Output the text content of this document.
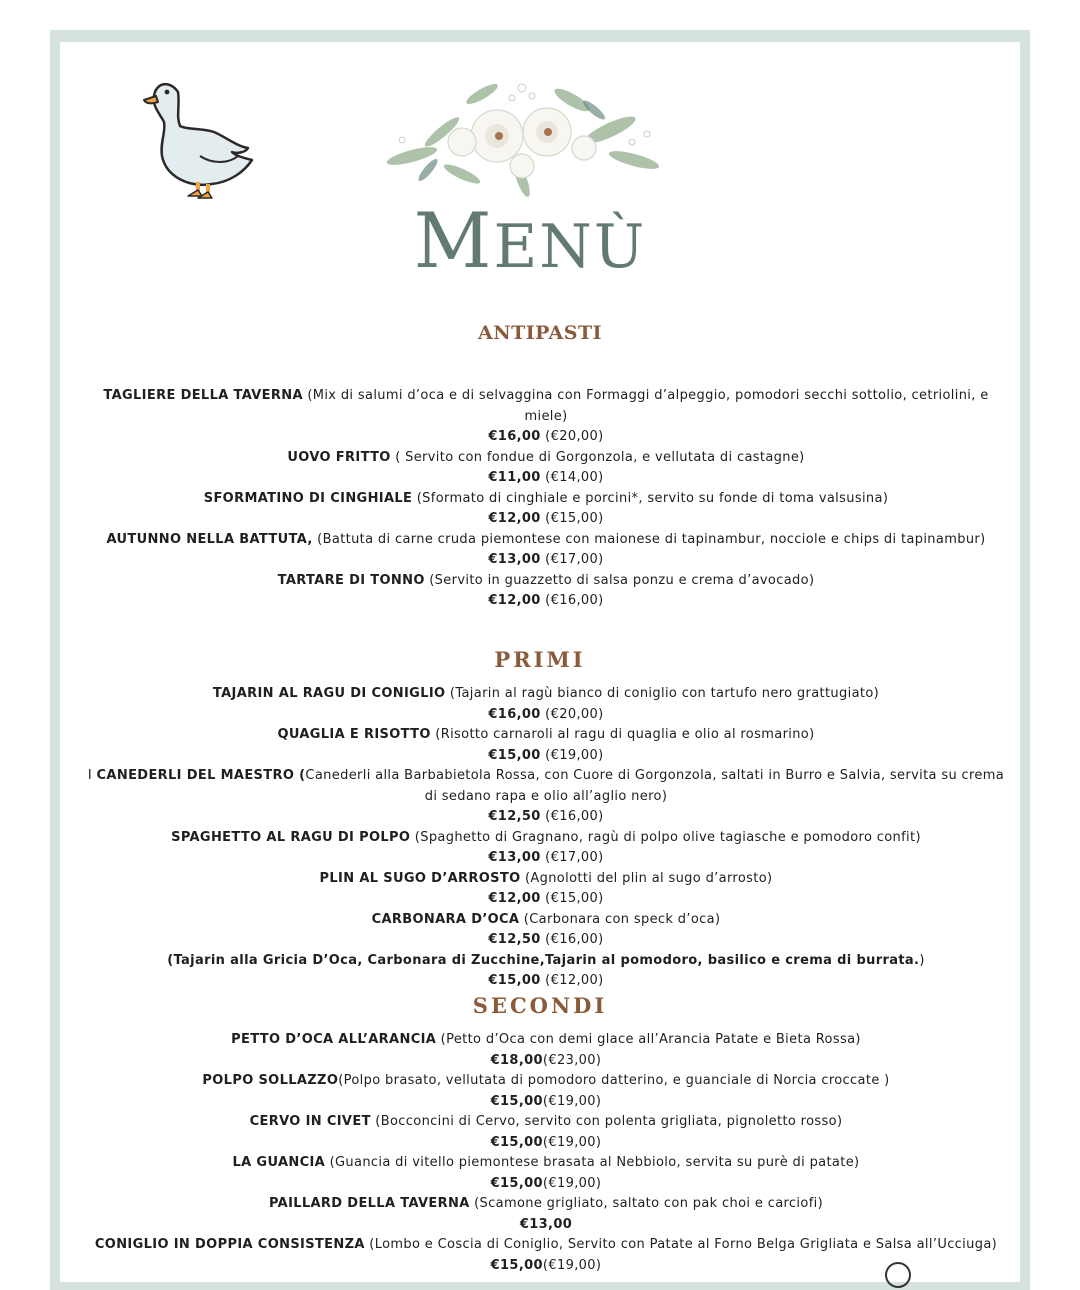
MENÙ
ANTIPASTI
TAGLIERE DELLA TAVERNA (Mix di salumi d’oca e di selvaggina con Formaggi d’alpeggio, pomodori secchi sottolio, cetriolini, e miele)
€16,00 (€20,00)
UOVO FRITTO ( Servito con fondue di Gorgonzola, e vellutata di castagne)
€11,00 (€14,00)
SFORMATINO DI CINGHIALE (Sformato di cinghiale e porcini*, servito su fonde di toma valsusina)
€12,00 (€15,00)
AUTUNNO NELLA BATTUTA, (Battuta di carne cruda piemontese con maionese di tapinambur, nocciole e chips di tapinambur)
€13,00 (€17,00)
TARTARE DI TONNO (Servito in guazzetto di salsa ponzu e crema d’avocado)
€12,00 (€16,00)
PRIMI
TAJARIN AL RAGU DI CONIGLIO (Tajarin al ragù bianco di coniglio con tartufo nero grattugiato)
€16,00 (€20,00)
QUAGLIA E RISOTTO (Risotto carnaroli al ragu di quaglia e olio al rosmarino)
€15,00 (€19,00)
I CANEDERLI DEL MAESTRO (Canederli alla Barbabietola Rossa, con Cuore di Gorgonzola, saltati in Burro e Salvia, servita su crema di sedano rapa e olio all’aglio nero)
€12,50 (€16,00)
SPAGHETTO AL RAGU DI POLPO (Spaghetto di Gragnano, ragù di polpo olive tagiasche e pomodoro confit)
€13,00 (€17,00)
PLIN AL SUGO D’ARROSTO (Agnolotti del plin al sugo d’arrosto)
€12,00 (€15,00)
CARBONARA D’OCA (Carbonara con speck d’oca)
€12,50 (€16,00)
(Tajarin alla Gricia D’Oca, Carbonara di Zucchine,Tajarin al pomodoro, basilico e crema di burrata.)
€15,00 (€12,00)
SECONDI
PETTO D’OCA ALL’ARANCIA (Petto d’Oca con demi glace all’Arancia Patate e Bieta Rossa)
€18,00(€23,00)
POLPO SOLLAZZO(Polpo brasato, vellutata di pomodoro datterino, e guanciale di Norcia croccate )
€15,00(€19,00)
CERVO IN CIVET (Bocconcini di Cervo, servito con polenta grigliata, pignoletto rosso)
€15,00(€19,00)
LA GUANCIA (Guancia di vitello piemontese brasata al Nebbiolo, servita su purè di patate)
€15,00(€19,00)
PAILLARD DELLA TAVERNA (Scamone grigliato, saltato con pak choi e carciofi)
€13,00
CONIGLIO IN DOPPIA CONSISTENZA (Lombo e Coscia di Coniglio, Servito con Patate al Forno Belga Grigliata e Salsa all’Ucciuga)
€15,00(€19,00)
